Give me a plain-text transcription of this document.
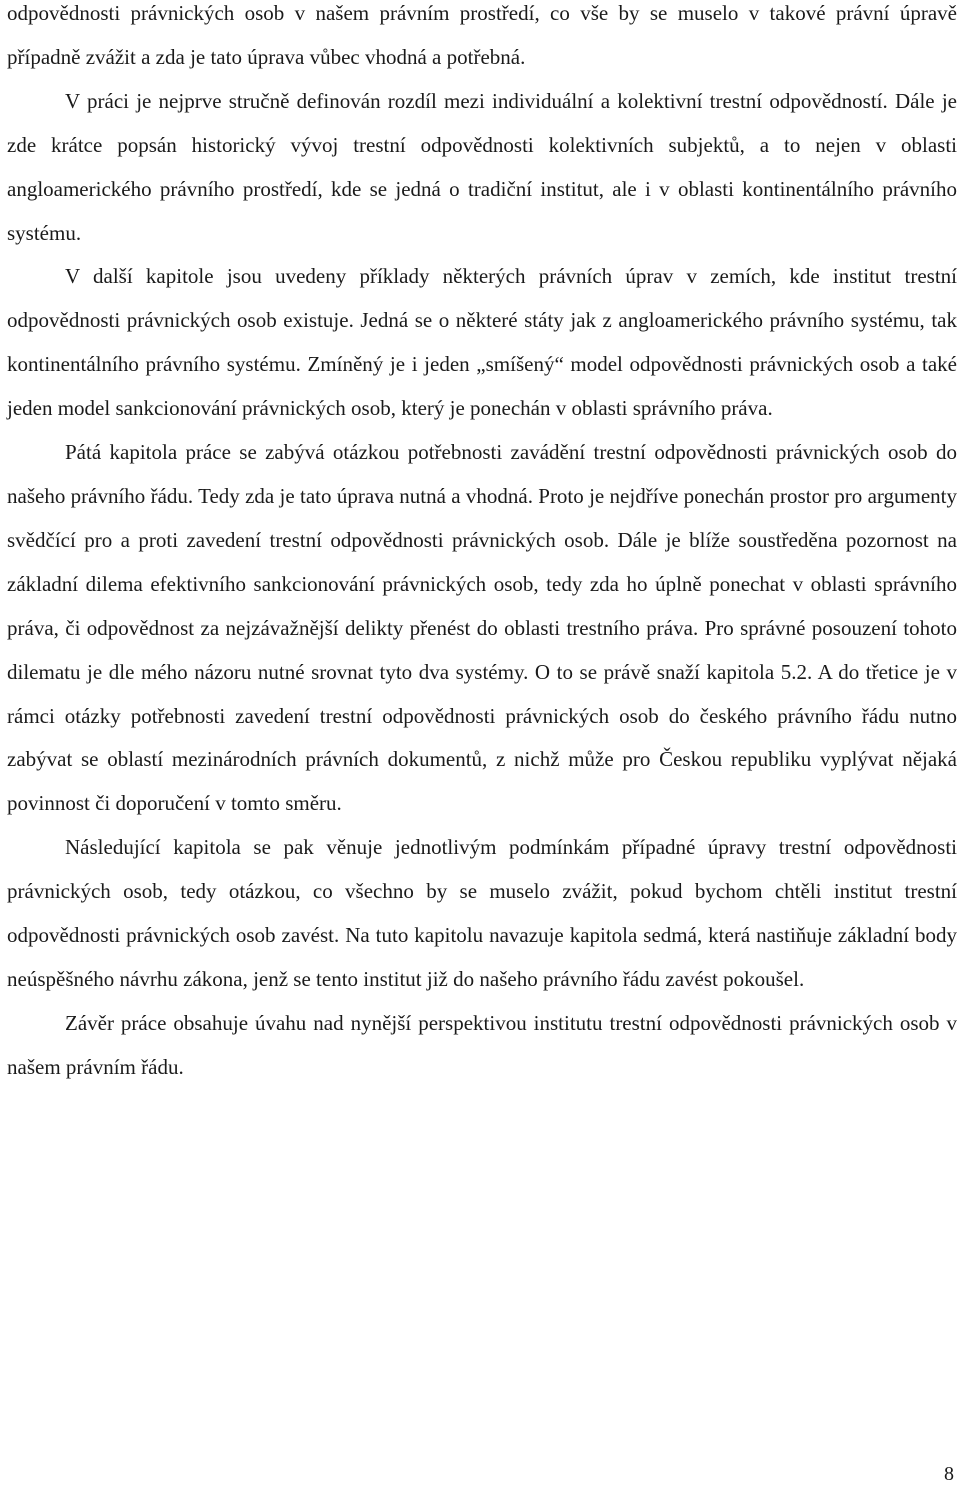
odpovědnosti právnických osob v našem právním prostředí, co vše by se muselo v takové právní úpravě případně zvážit a zda je tato úprava vůbec vhodná a potřebná.

V práci je nejprve stručně definován rozdíl mezi individuální a kolektivní trestní odpovědností. Dále je zde krátce popsán historický vývoj trestní odpovědnosti kolektivních subjektů, a to nejen v oblasti angloamerického právního prostředí, kde se jedná o tradiční institut, ale i v oblasti kontinentálního právního systému.

V další kapitole jsou uvedeny příklady některých právních úprav v zemích, kde institut trestní odpovědnosti právnických osob existuje. Jedná se o některé státy jak z angloamerického právního systému, tak kontinentálního právního systému. Zmíněný je i jeden „smíšený“ model odpovědnosti právnických osob a také jeden model sankcionování právnických osob, který je ponechán v oblasti správního práva.

Pátá kapitola práce se zabývá otázkou potřebnosti zavádění trestní odpovědnosti právnických osob do našeho právního řádu. Tedy zda je tato úprava nutná a vhodná. Proto je nejdříve ponechán prostor pro argumenty svědčící pro a proti zavedení trestní odpovědnosti právnických osob. Dále je blíže soustředěna pozornost na základní dilema efektivního sankcionování právnických osob, tedy zda ho úplně ponechat v oblasti správního práva, či odpovědnost za nejzávažnější delikty přenést do oblasti trestního práva. Pro správné posouzení tohoto dilematu je dle mého názoru nutné srovnat tyto dva systémy. O to se právě snaží kapitola 5.2. A do třetice je v rámci otázky potřebnosti zavedení trestní odpovědnosti právnických osob do českého právního řádu nutno zabývat se oblastí mezinárodních právních dokumentů, z nichž může pro Českou republiku vyplývat nějaká povinnost či doporučení v tomto směru.

Následující kapitola se pak věnuje jednotlivým podmínkám případné úpravy trestní odpovědnosti právnických osob, tedy otázkou, co všechno by se muselo zvážit, pokud bychom chtěli institut trestní odpovědnosti právnických osob zavést. Na tuto kapitolu navazuje kapitola sedmá, která nastiňuje základní body neúspěšného návrhu zákona, jenž se tento institut již do našeho právního řádu zavést pokoušel.

Závěr práce obsahuje úvahu nad nynější perspektivou institutu trestní odpovědnosti právnických osob v našem právním řádu.

8
